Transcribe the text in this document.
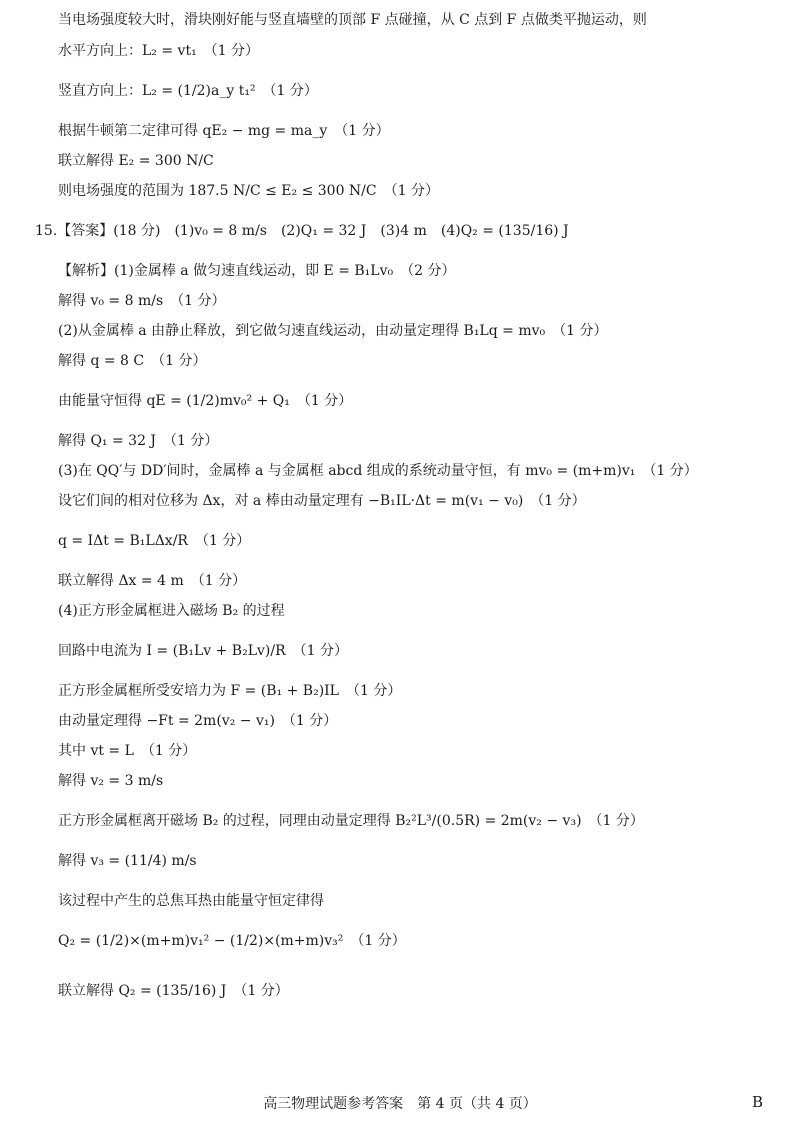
当电场强度较大时，滑块刚好能与竖直墙壁的顶部 F 点碰撞，从 C 点到 F 点做类平抛运动，则
水平方向上：L₂ = vt₁　（1 分）
竖直方向上：L₂ = (1/2)a_y t₁²　（1 分）
根据牛顿第二定律可得 qE₂ − mg = ma_y　（1 分）
联立解得 E₂ = 300 N/C
则电场强度的范围为 187.5 N/C ≤ E₂ ≤ 300 N/C　（1 分）
15.【答案】(18 分)　(1)v₀ = 8 m/s　(2)Q₁ = 32 J　(3)4 m　(4)Q₂ = (135/16) J
【解析】(1)金属棒 a 做匀速直线运动，即 E = B₁Lv₀　（2 分）
解得 v₀ = 8 m/s　（1 分）
(2)从金属棒 a 由静止释放，到它做匀速直线运动，由动量定理得 B₁Lq = mv₀　（1 分）
解得 q = 8 C　（1 分）
由能量守恒得 qE = (1/2)mv₀² + Q₁　（1 分）
解得 Q₁ = 32 J　（1 分）
(3)在 QQ′与 DD′间时，金属棒 a 与金属框 abcd 组成的系统动量守恒，有 mv₀ = (m+m)v₁　（1 分）
设它们间的相对位移为 Δx，对 a 棒由动量定理有 −B₁IL·Δt = m(v₁ − v₀)　（1 分）
q = IΔt = B₁LΔx/R　（1 分）
联立解得 Δx = 4 m　（1 分）
(4)正方形金属框进入磁场 B₂ 的过程
回路中电流为 I = (B₁Lv + B₂Lv)/R　（1 分）
正方形金属框所受安培力为 F = (B₁ + B₂)IL　（1 分）
由动量定理得 −Ft = 2m(v₂ − v₁)　（1 分）
其中 vt = L　（1 分）
解得 v₂ = 3 m/s
正方形金属框离开磁场 B₂ 的过程，同理由动量定理得 B₂²L³/(0.5R) = 2m(v₂ − v₃)　（1 分）
解得 v₃ = (11/4) m/s
该过程中产生的总焦耳热由能量守恒定律得
Q₂ = (1/2)×(m+m)v₁² − (1/2)×(m+m)v₃²　（1 分）
联立解得 Q₂ = (135/16) J　（1 分）
高三物理试题参考答案　第 4 页（共 4 页）	B
